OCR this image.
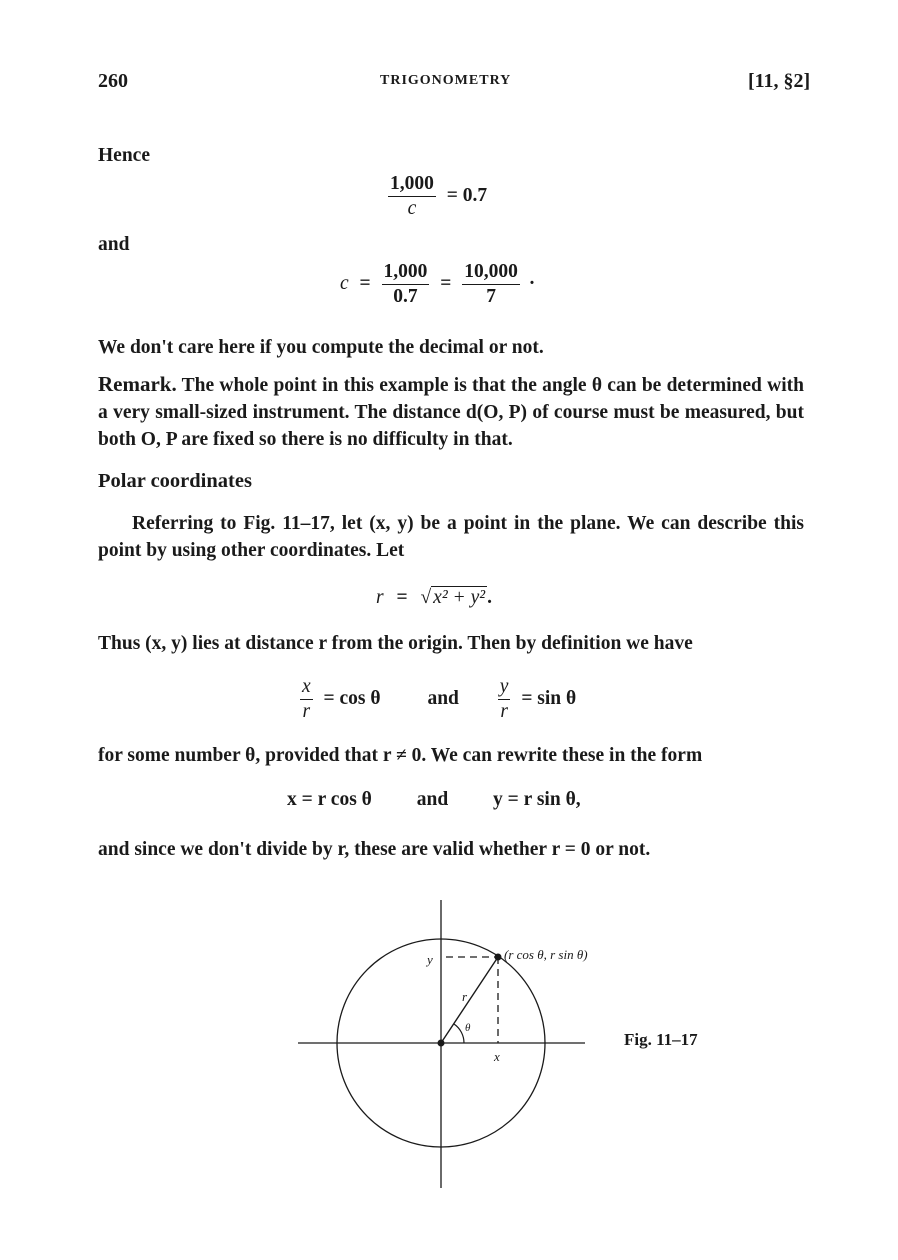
260	TRIGONOMETRY	[11, §2]
Hence
$\frac{1,000}{c} = 0.7$
and
$c = \frac{1,000}{0.7} = \frac{10,000}{7}$ ·
We don't care here if you compute the decimal or not.
Remark. The whole point in this example is that the angle θ can be determined with a very small-sized instrument. The distance d(O, P) of course must be measured, but both O, P are fixed so there is no difficulty in that.
Polar coordinates
Referring to Fig. 11–17, let (x, y) be a point in the plane. We can describe this point by using other coordinates. Let
r = √ x² + y² .
Thus (x, y) lies at distance r from the origin. Then by definition we have
$\frac{x}{r} = \cos \theta$ and $\frac{y}{r} = \sin \theta$
for some number θ, provided that r ≠ 0. We can rewrite these in the form
x = r cos θ and y = r sin θ,
and since we don't divide by r, these are valid whether r = 0 or not.
(r cos θ, r sin θ)
y
r
θ
x
Fig. 11–17
